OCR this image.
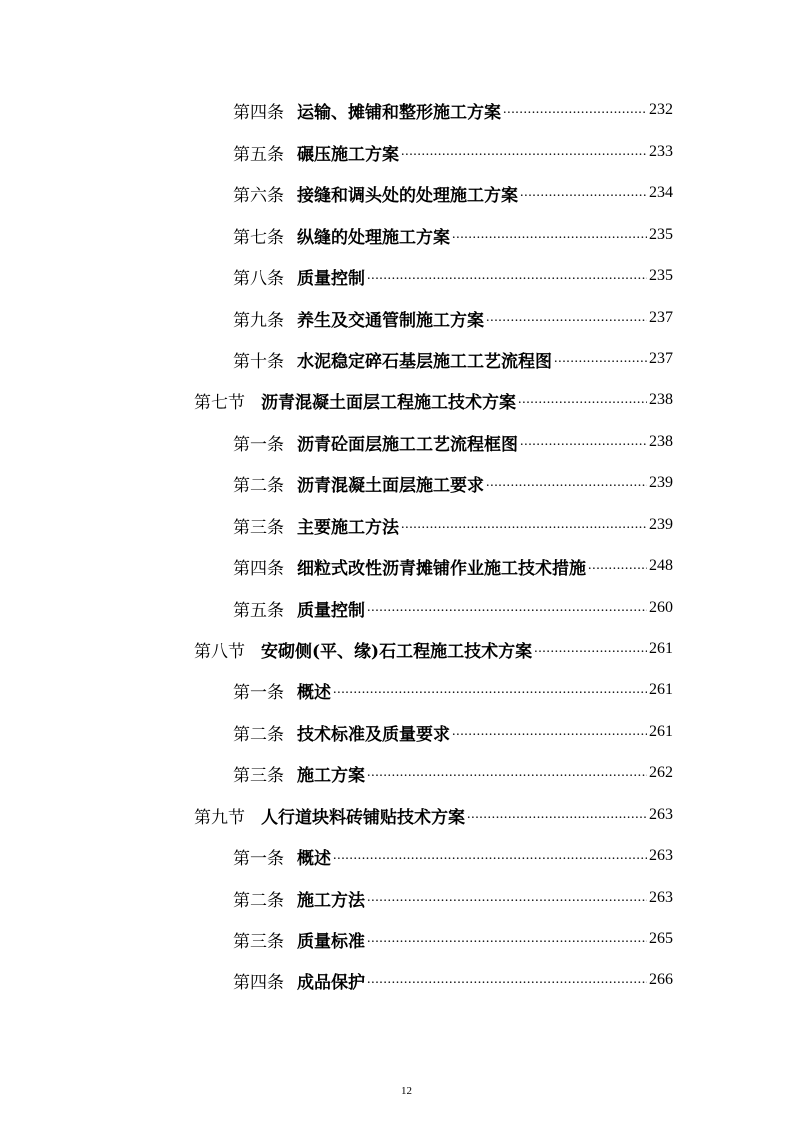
第四条 运输、摊铺和整形施工方案 .....	232
第五条 碾压施工方案 .....	233
第六条 接缝和调头处的处理施工方案 .....	234
第七条 纵缝的处理施工方案 .....	235
第八条 质量控制 .....	235
第九条 养生及交通管制施工方案 .....	237
第十条 水泥稳定碎石基层施工工艺流程图 .....	237
第七节 沥青混凝土面层工程施工技术方案 .....	238
第一条 沥青砼面层施工工艺流程框图 .....	238
第二条 沥青混凝土面层施工要求 .....	239
第三条 主要施工方法 .....	239
第四条 细粒式改性沥青摊铺作业施工技术措施 .....	248
第五条 质量控制 .....	260
第八节 安砌侧(平、缘)石工程施工技术方案 .....	261
第一条 概述 .....	261
第二条 技术标准及质量要求 .....	261
第三条 施工方案 .....	262
第九节 人行道块料砖铺贴技术方案 .....	263
第一条 概述 .....	263
第二条 施工方法 .....	263
第三条 质量标准 .....	265
第四条 成品保护 .....	266
12
